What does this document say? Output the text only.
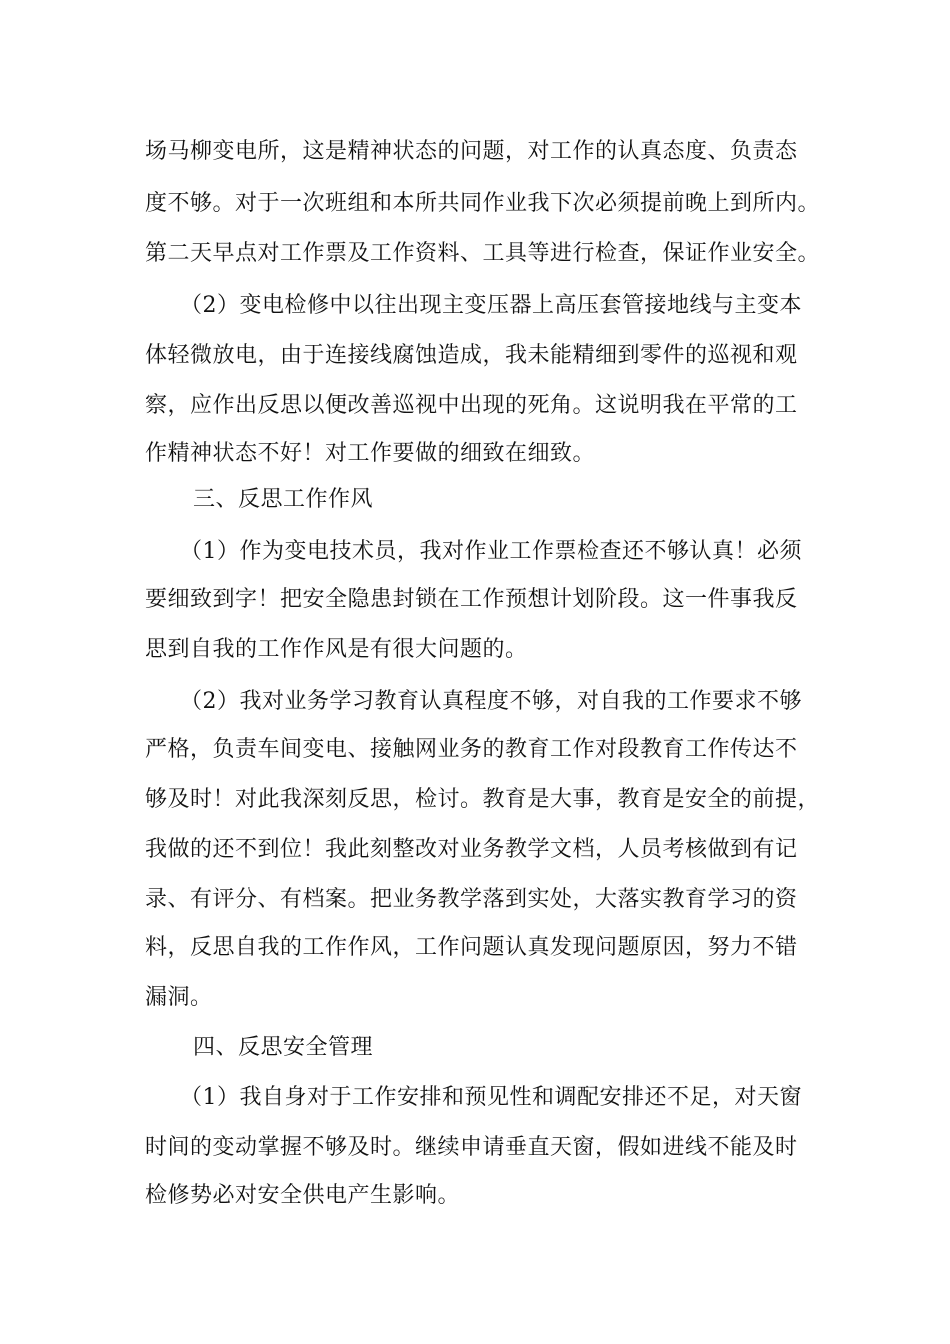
场马柳变电所，这是精神状态的问题，对工作的认真态度、负责态
度不够。对于一次班组和本所共同作业我下次必须提前晚上到所内。
第二天早点对工作票及工作资料、工具等进行检查，保证作业安全。
（2）变电检修中以往出现主变压器上高压套管接地线与主变本
体轻微放电，由于连接线腐蚀造成，我未能精细到零件的巡视和观
察，应作出反思以便改善巡视中出现的死角。这说明我在平常的工
作精神状态不好！对工作要做的细致在细致。
三、反思工作作风
（1）作为变电技术员，我对作业工作票检查还不够认真！必须
要细致到字！把安全隐患封锁在工作预想计划阶段。这一件事我反
思到自我的工作作风是有很大问题的。
（2）我对业务学习教育认真程度不够，对自我的工作要求不够
严格，负责车间变电、接触网业务的教育工作对段教育工作传达不
够及时！对此我深刻反思，检讨。教育是大事，教育是安全的前提，
我做的还不到位！我此刻整改对业务教学文档，人员考核做到有记
录、有评分、有档案。把业务教学落到实处，大落实教育学习的资
料，反思自我的工作作风，工作问题认真发现问题原因，努力不错
漏洞。
四、反思安全管理
（1）我自身对于工作安排和预见性和调配安排还不足，对天窗
时间的变动掌握不够及时。继续申请垂直天窗，假如进线不能及时
检修势必对安全供电产生影响。
